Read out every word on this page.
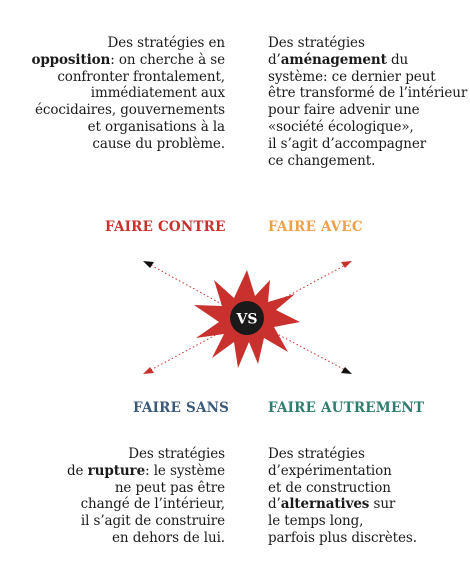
Des stratégies en
opposition: on cherche à se
confronter frontalement,
immédiatement aux
écocidaires, gouvernements
et organisations à la
cause du problème.
Des stratégies
d’aménagement du
système: ce dernier peut
être transformé de l’intérieur
pour faire advenir une
«société écologique»,
il s’agit d’accompagner
ce changement.
FAIRE CONTRE	FAIRE AVEC
FAIRE SANS	FAIRE AUTREMENT
VS
Des stratégies
de rupture: le système
ne peut pas être
changé de l’intérieur,
il s’agit de construire
en dehors de lui.
Des stratégies
d’expérimentation
et de construction
d’alternatives sur
le temps long,
parfois plus discrètes.
